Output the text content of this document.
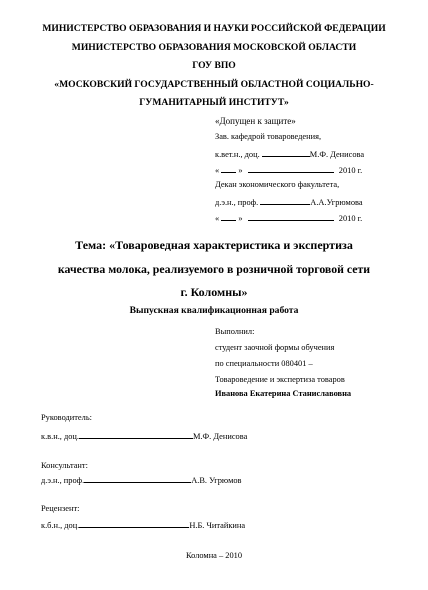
МИНИСТЕРСТВО ОБРАЗОВАНИЯ И НАУКИ РОССИЙСКОЙ ФЕДЕРАЦИИ
МИНИСТЕРСТВО ОБРАЗОВАНИЯ МОСКОВСКОЙ ОБЛАСТИ
ГОУ ВПО
«МОСКОВСКИЙ ГОСУДАРСТВЕННЫЙ ОБЛАСТНОЙ СОЦИАЛЬНО-
ГУМАНИТАРНЫЙ ИНСТИТУТ»
«Допущен к защите»
Зав. кафедрой товароведения,
к.вет.н., доц.	М.Ф. Денисова
« »	2010 г.
Декан экономического факультета,
д.э.н., проф.	А.А.Угрюмова
« »	2010 г.
Тема: «Товароведная характеристика и экспертиза
качества молока, реализуемого в розничной торговой сети
г. Коломны»
Выпускная квалификационная работа
Выполнил:
студент заочной формы обучения
по специальности 080401 –
Товароведение и экспертиза товаров
Иванова Екатерина Станиславовна
Руководитель:
к.в.н., доц.	М.Ф. Денисова
Консультант:
д.э.н., проф.	А.В. Угрюмов
Рецензент:
к.б.н., доц.	Н.Б. Читайкина
Коломна – 2010
